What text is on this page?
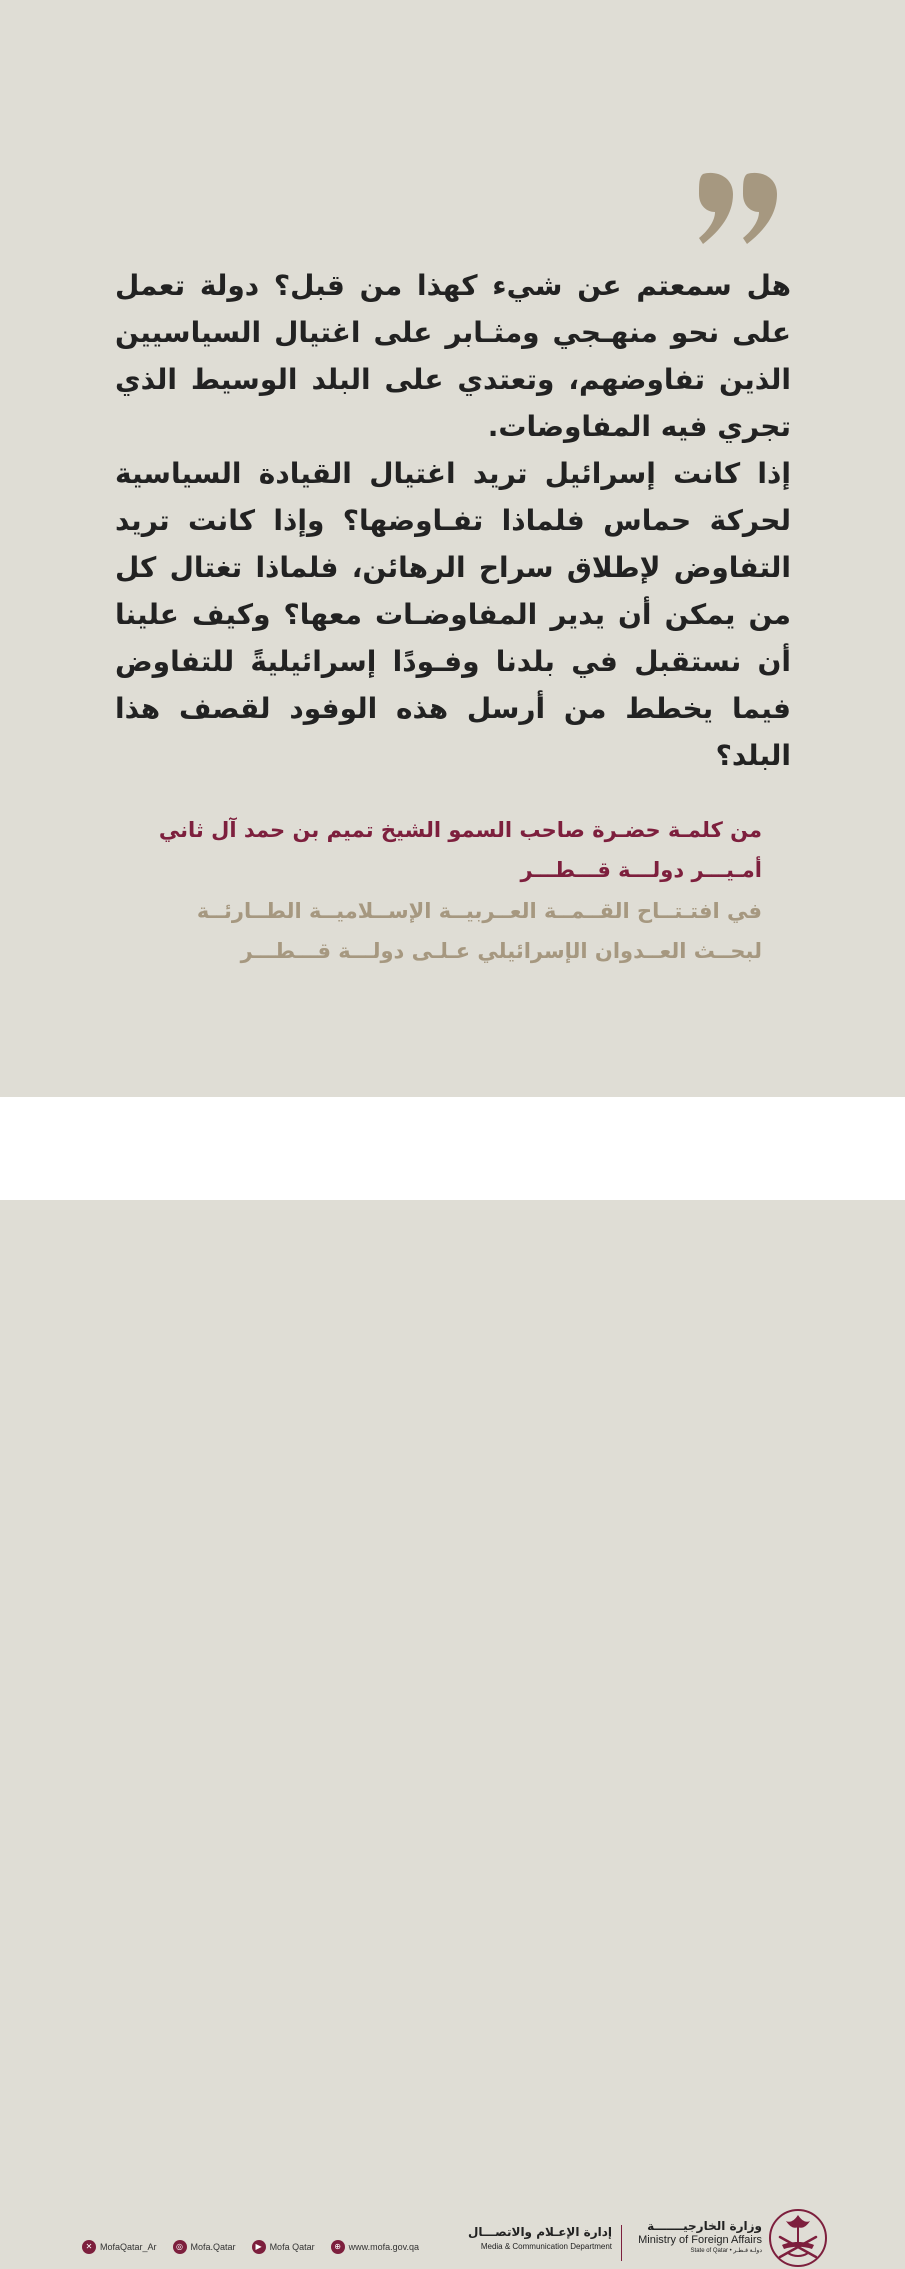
هل سمعتم عن شيء كهذا من قبل؟ دولة تعمل على نحو منهـجي ومثـابر على اغتيال السياسيين الذين تفاوضهم، وتعتدي على البلد الوسيط الذي تجري فيه المفاوضات.

إذا كانت إسرائيل تريد اغتيال القيادة السياسية لحركة حماس فلماذا تفـاوضها؟ وإذا كانت تريد التفاوض لإطلاق سراح الرهائن، فلماذا تغتال كل من يمكن أن يدير المفاوضـات معها؟ وكيف علينا أن نستقبل في بلدنا وفـودًا إسرائيليةً للتفاوض فيما يخطط من أرسل هذه الوفود لقصف هذا البلد؟

من كلمـة حضـرة صاحب السمو الشيخ تميم بن حمد آل ثاني
أمـيـــر دولـــة قـــطـــر
في افتـتــاح القــمــة العــربيــة الإســلاميــة الطــارئــة
لبحــث العــدوان الإسرائيلي عـلـى دولـــة قـــطـــر
✕ MofaQatar_Ar	◎ Mofa.Qatar	▶ Mofa Qatar	⊕ www.mofa.gov.qa
إدارة الإعـلام والاتصـــال
Media & Communication Department
وزارة الخارجيـــــــة
Ministry of Foreign Affairs
State of Qatar • دولـة قـطـر
